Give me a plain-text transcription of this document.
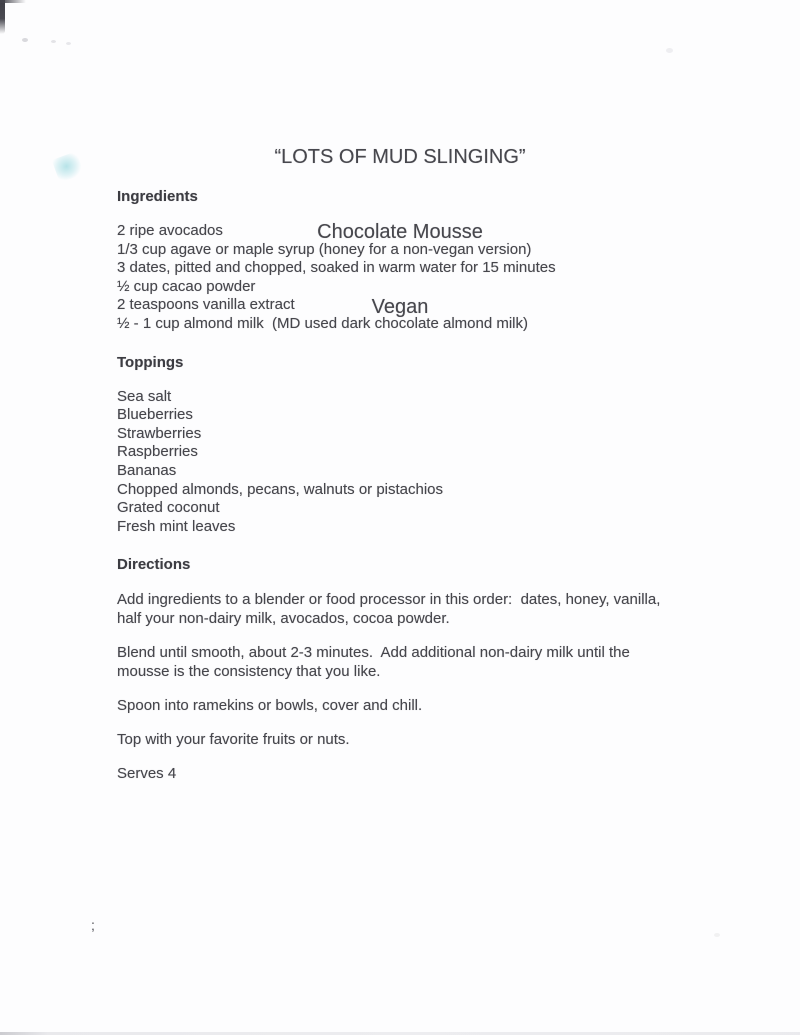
;

“LOTS OF MUD SLINGING”

Chocolate Mousse

Vegan

Ingredients
2 ripe avocados
1/3 cup agave or maple syrup (honey for a non-vegan version)
3 dates, pitted and chopped, soaked in warm water for 15 minutes
½ cup cacao powder
2 teaspoons vanilla extract
½ - 1 cup almond milk  (MD used dark chocolate almond milk)
Toppings
Sea salt
Blueberries
Strawberries
Raspberries
Bananas
Chopped almonds, pecans, walnuts or pistachios
Grated coconut
Fresh mint leaves
Directions

Add ingredients to a blender or food processor in this order:  dates, honey, vanilla, half your non-dairy milk, avocados, cocoa powder.

Blend until smooth, about 2-3 minutes.  Add additional non-dairy milk until the mousse is the consistency that you like.

Spoon into ramekins or bowls, cover and chill.

Top with your favorite fruits or nuts.

Serves 4
